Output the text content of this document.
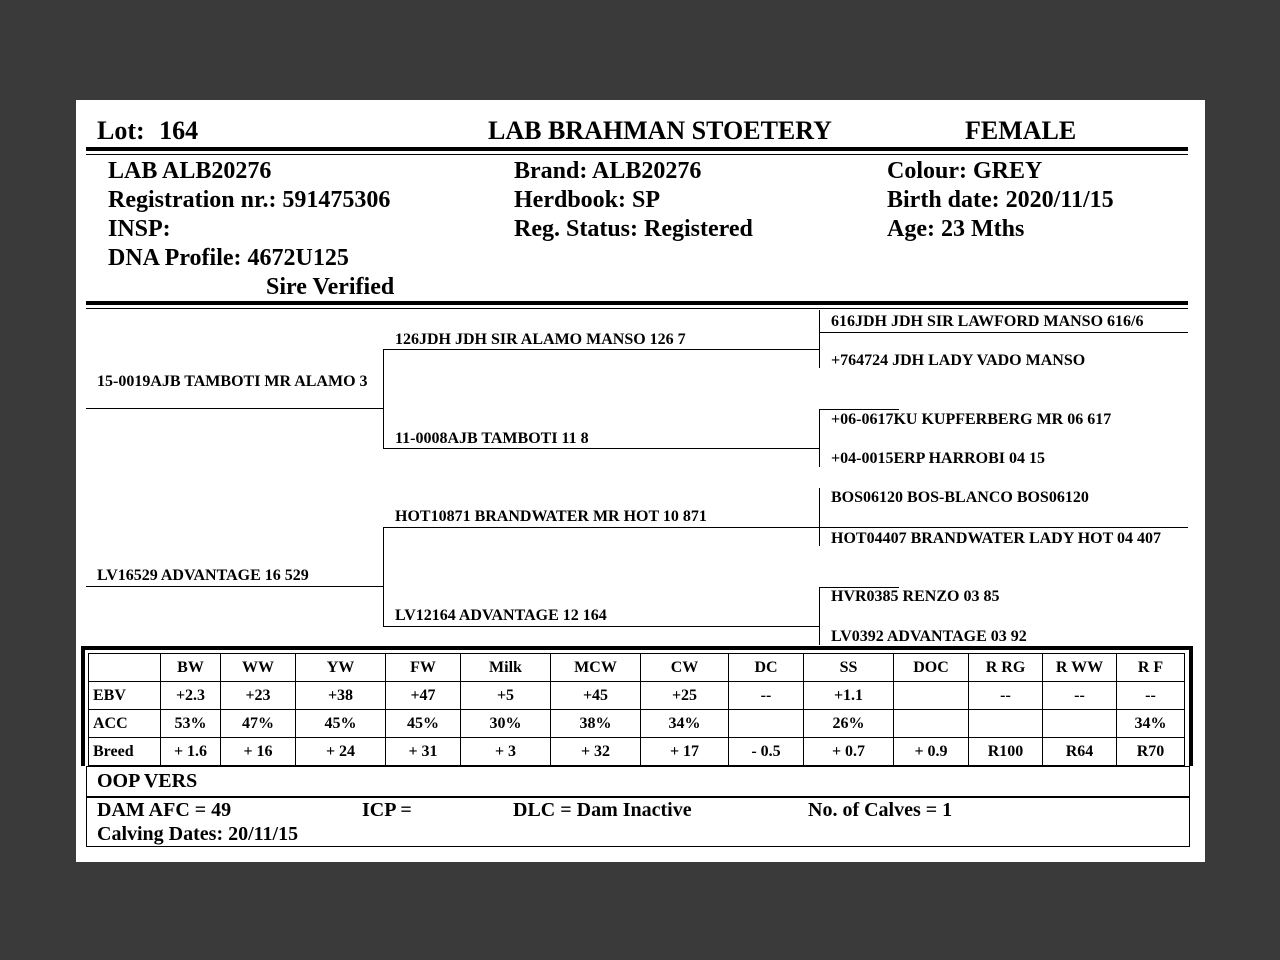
Lot: 164	LAB BRAHMAN STOETERY	FEMALE
LAB ALB20276
Registration nr.: 591475306
INSP:
DNA Profile: 4672U125
Sire Verified
Brand: ALB20276
Herdbook: SP
Reg. Status: Registered
Colour: GREY
Birth date: 2020/11/15
Age: 23 Mths
15-0019AJB TAMBOTI MR ALAMO 3
LV16529 ADVANTAGE 16 529
126JDH JDH SIR ALAMO MANSO 126 7
11-0008AJB TAMBOTI 11 8
HOT10871 BRANDWATER MR HOT 10 871
LV12164 ADVANTAGE 12 164
616JDH JDH SIR LAWFORD MANSO 616/6
+764724 JDH LADY VADO MANSO
+06-0617KU KUPFERBERG MR 06 617
+04-0015ERP HARROBI 04 15
BOS06120 BOS-BLANCO BOS06120
HOT04407 BRANDWATER LADY HOT 04 407
HVR0385 RENZO 03 85
LV0392 ADVANTAGE 03 92
	BW	WW	YW	FW	Milk	MCW	CW	DC	SS	DOC	R RG	R WW	R F
EBV	+2.3	+23	+38	+47	+5	+45	+25	--	+1.1		--	--	--
ACC	53%	47%	45%	45%	30%	38%	34%		26%				34%
Breed	+ 1.6	+ 16	+ 24	+ 31	+ 3	+ 32	+ 17	- 0.5	+ 0.7	+ 0.9	R100	R64	R70
OOP VERS
DAM AFC = 49	ICP =	DLC = Dam Inactive	No. of Calves = 1
Calving Dates: 20/11/15
